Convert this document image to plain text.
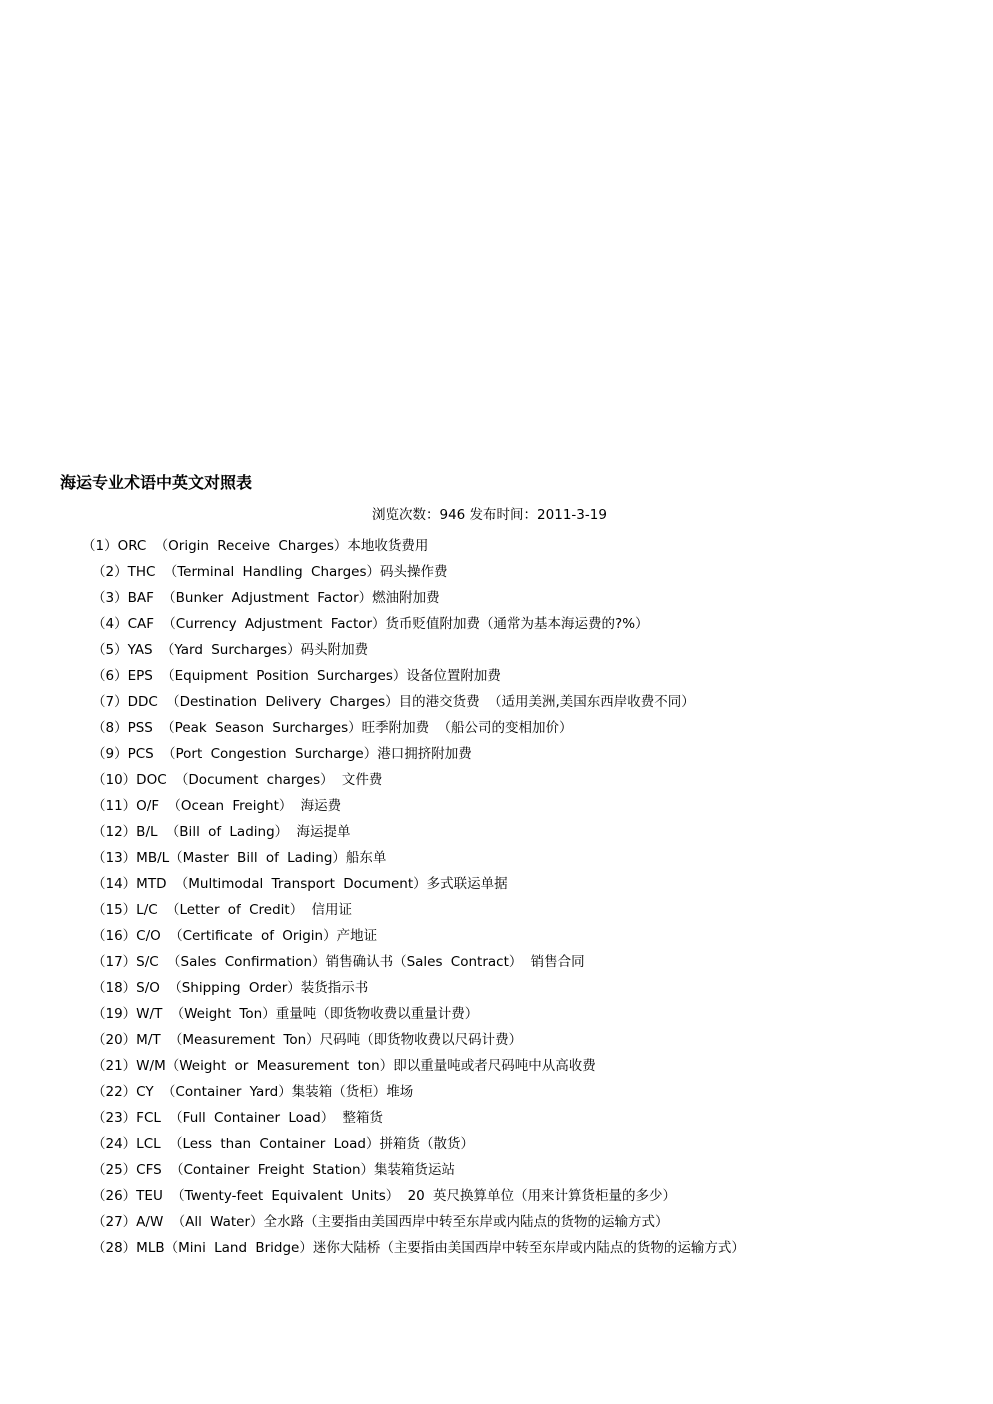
海运专业术语中英文对照表
浏览次数：946 发布时间：2011-3-19
（1）ORC （Origin Receive Charges）本地收货费用
（2）THC （Terminal Handling Charges）码头操作费
（3）BAF （Bunker Adjustment Factor）燃油附加费
（4）CAF （Currency Adjustment Factor）货币贬值附加费（通常为基本海运费的?%）
（5）YAS （Yard Surcharges）码头附加费
（6）EPS （Equipment Position Surcharges）设备位置附加费
（7）DDC （Destination Delivery Charges）目的港交货费 （适用美洲,美国东西岸收费不同）
（8）PSS （Peak Season Surcharges）旺季附加费 （船公司的变相加价）
（9）PCS （Port Congestion Surcharge）港口拥挤附加费
（10）DOC （Document charges） 文件费
（11）O/F （Ocean Freight） 海运费
（12）B/L （Bill of Lading） 海运提单
（13）MB/L（Master Bill of Lading）船东单
（14）MTD （Multimodal Transport Document）多式联运单据
（15）L/C （Letter of Credit） 信用证
（16）C/O （Certificate of Origin）产地证
（17）S/C （Sales Confirmation）销售确认书（Sales Contract） 销售合同
（18）S/O （Shipping Order）装货指示书
（19）W/T （Weight Ton）重量吨（即货物收费以重量计费）
（20）M/T （Measurement Ton）尺码吨（即货物收费以尺码计费）
（21）W/M（Weight or Measurement ton）即以重量吨或者尺码吨中从高收费
（22）CY （Container Yard）集装箱（货柜）堆场
（23）FCL （Full Container Load） 整箱货
（24）LCL （Less than Container Load）拼箱货（散货）
（25）CFS （Container Freight Station）集装箱货运站
（26）TEU （Twenty-feet Equivalent Units） 20 英尺换算单位（用来计算货柜量的多少）
（27）A/W （All Water）全水路（主要指由美国西岸中转至东岸或内陆点的货物的运输方式）
（28）MLB（Mini Land Bridge）迷你大陆桥（主要指由美国西岸中转至东岸或内陆点的货物的运输方式）
